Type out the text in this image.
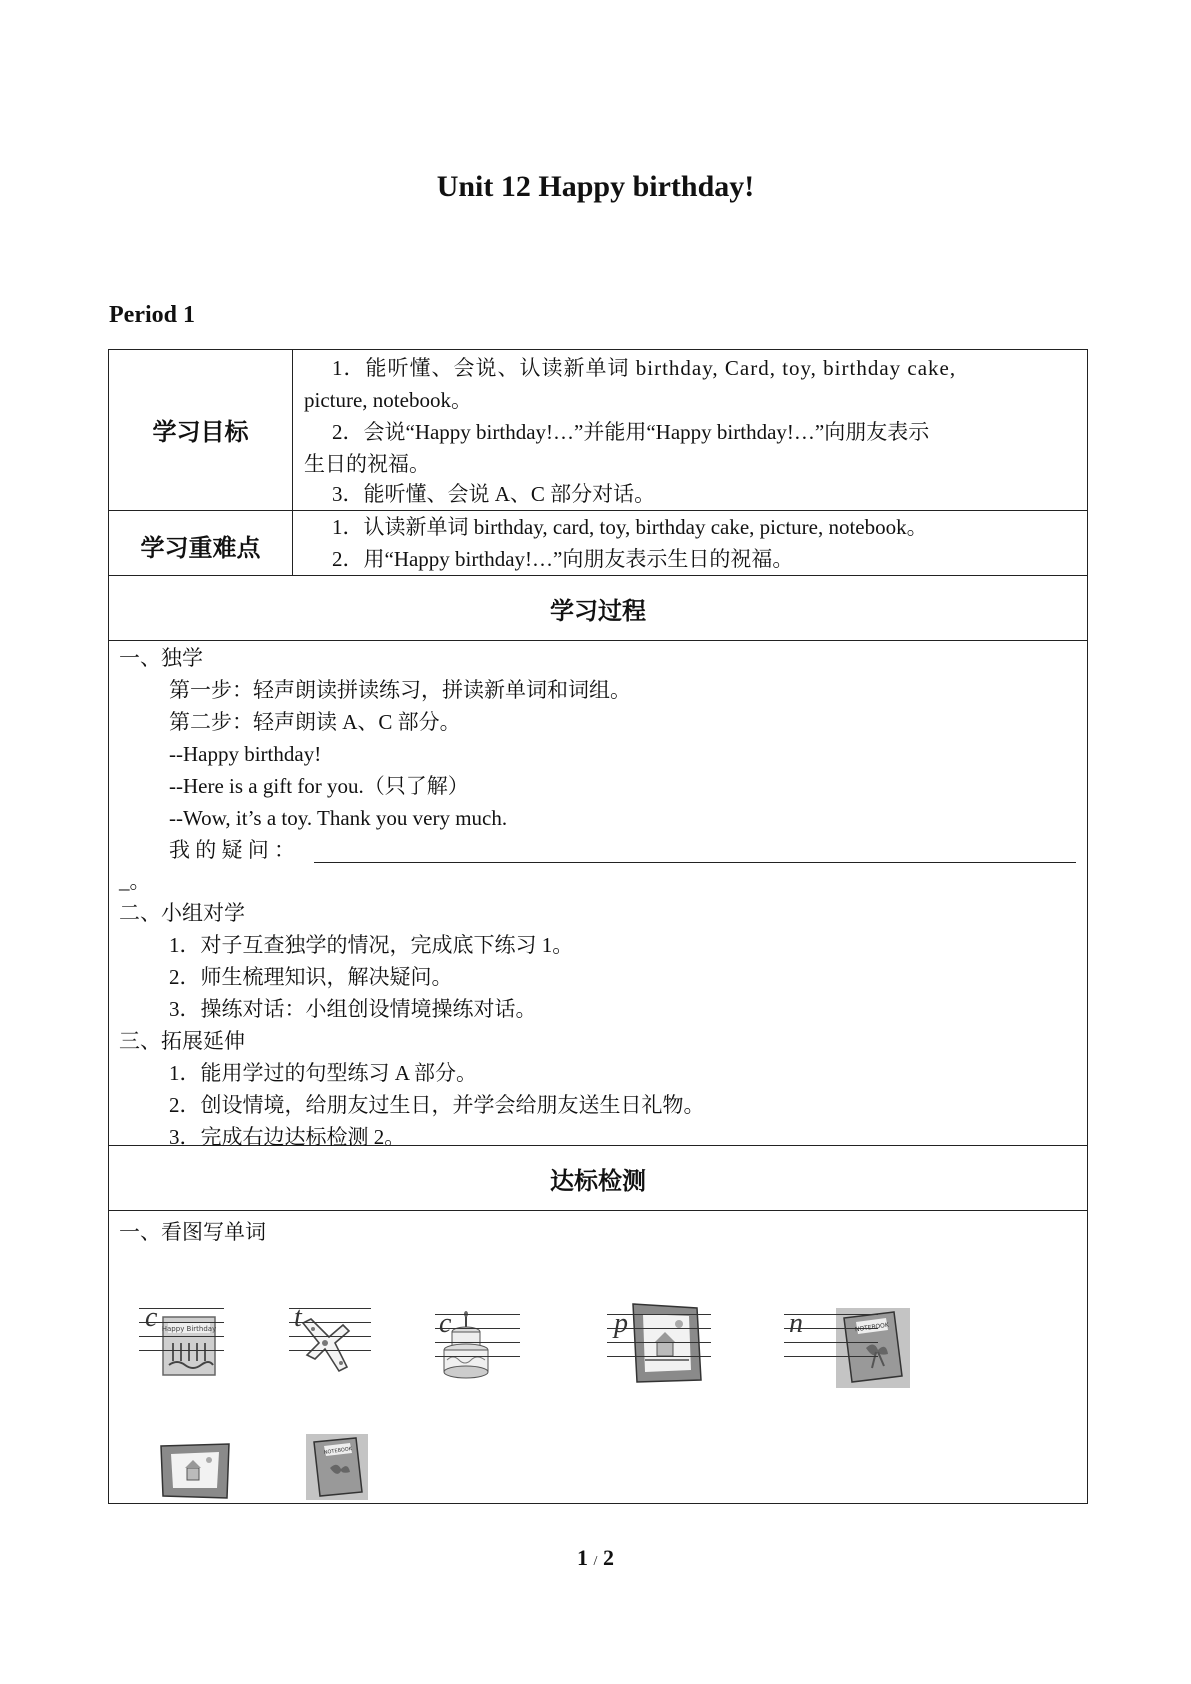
Unit 12 Happy birthday!
Period 1
学习目标
1．能听懂、会说、认读新单词 birthday, Card, toy, birthday cake,
picture, notebook。
2．会说“Happy birthday!…”并能用“Happy birthday!…”向朋友表示
生日的祝福。
3．能听懂、会说 A、C 部分对话。
学习重难点
1．认读新单词 birthday, card, toy, birthday cake, picture, notebook。
2．用“Happy birthday!…”向朋友表示生日的祝福。
学习过程
一、独学
第一步：轻声朗读拼读练习，拼读新单词和词组。
第二步：轻声朗读 A、C 部分。
--Happy birthday!
--Here is a gift for you.（只了解）
--Wow, it’s a toy. Thank you very much.
我 的 疑 问 ：
_。
二、小组对学
1．对子互查独学的情况，完成底下练习 1。
2．师生梳理知识，解决疑问。
3．操练对话：小组创设情境操练对话。
三、拓展延伸
1．能用学过的句型练习 A 部分。
2．创设情境，给朋友过生日，并学会给朋友送生日礼物。
3．完成右边达标检测 2。
达标检测
一、看图写单词
Happy Birthday	NOTEBOOK
c	t	c	p	n
NOTEBOOK
1 / 2
